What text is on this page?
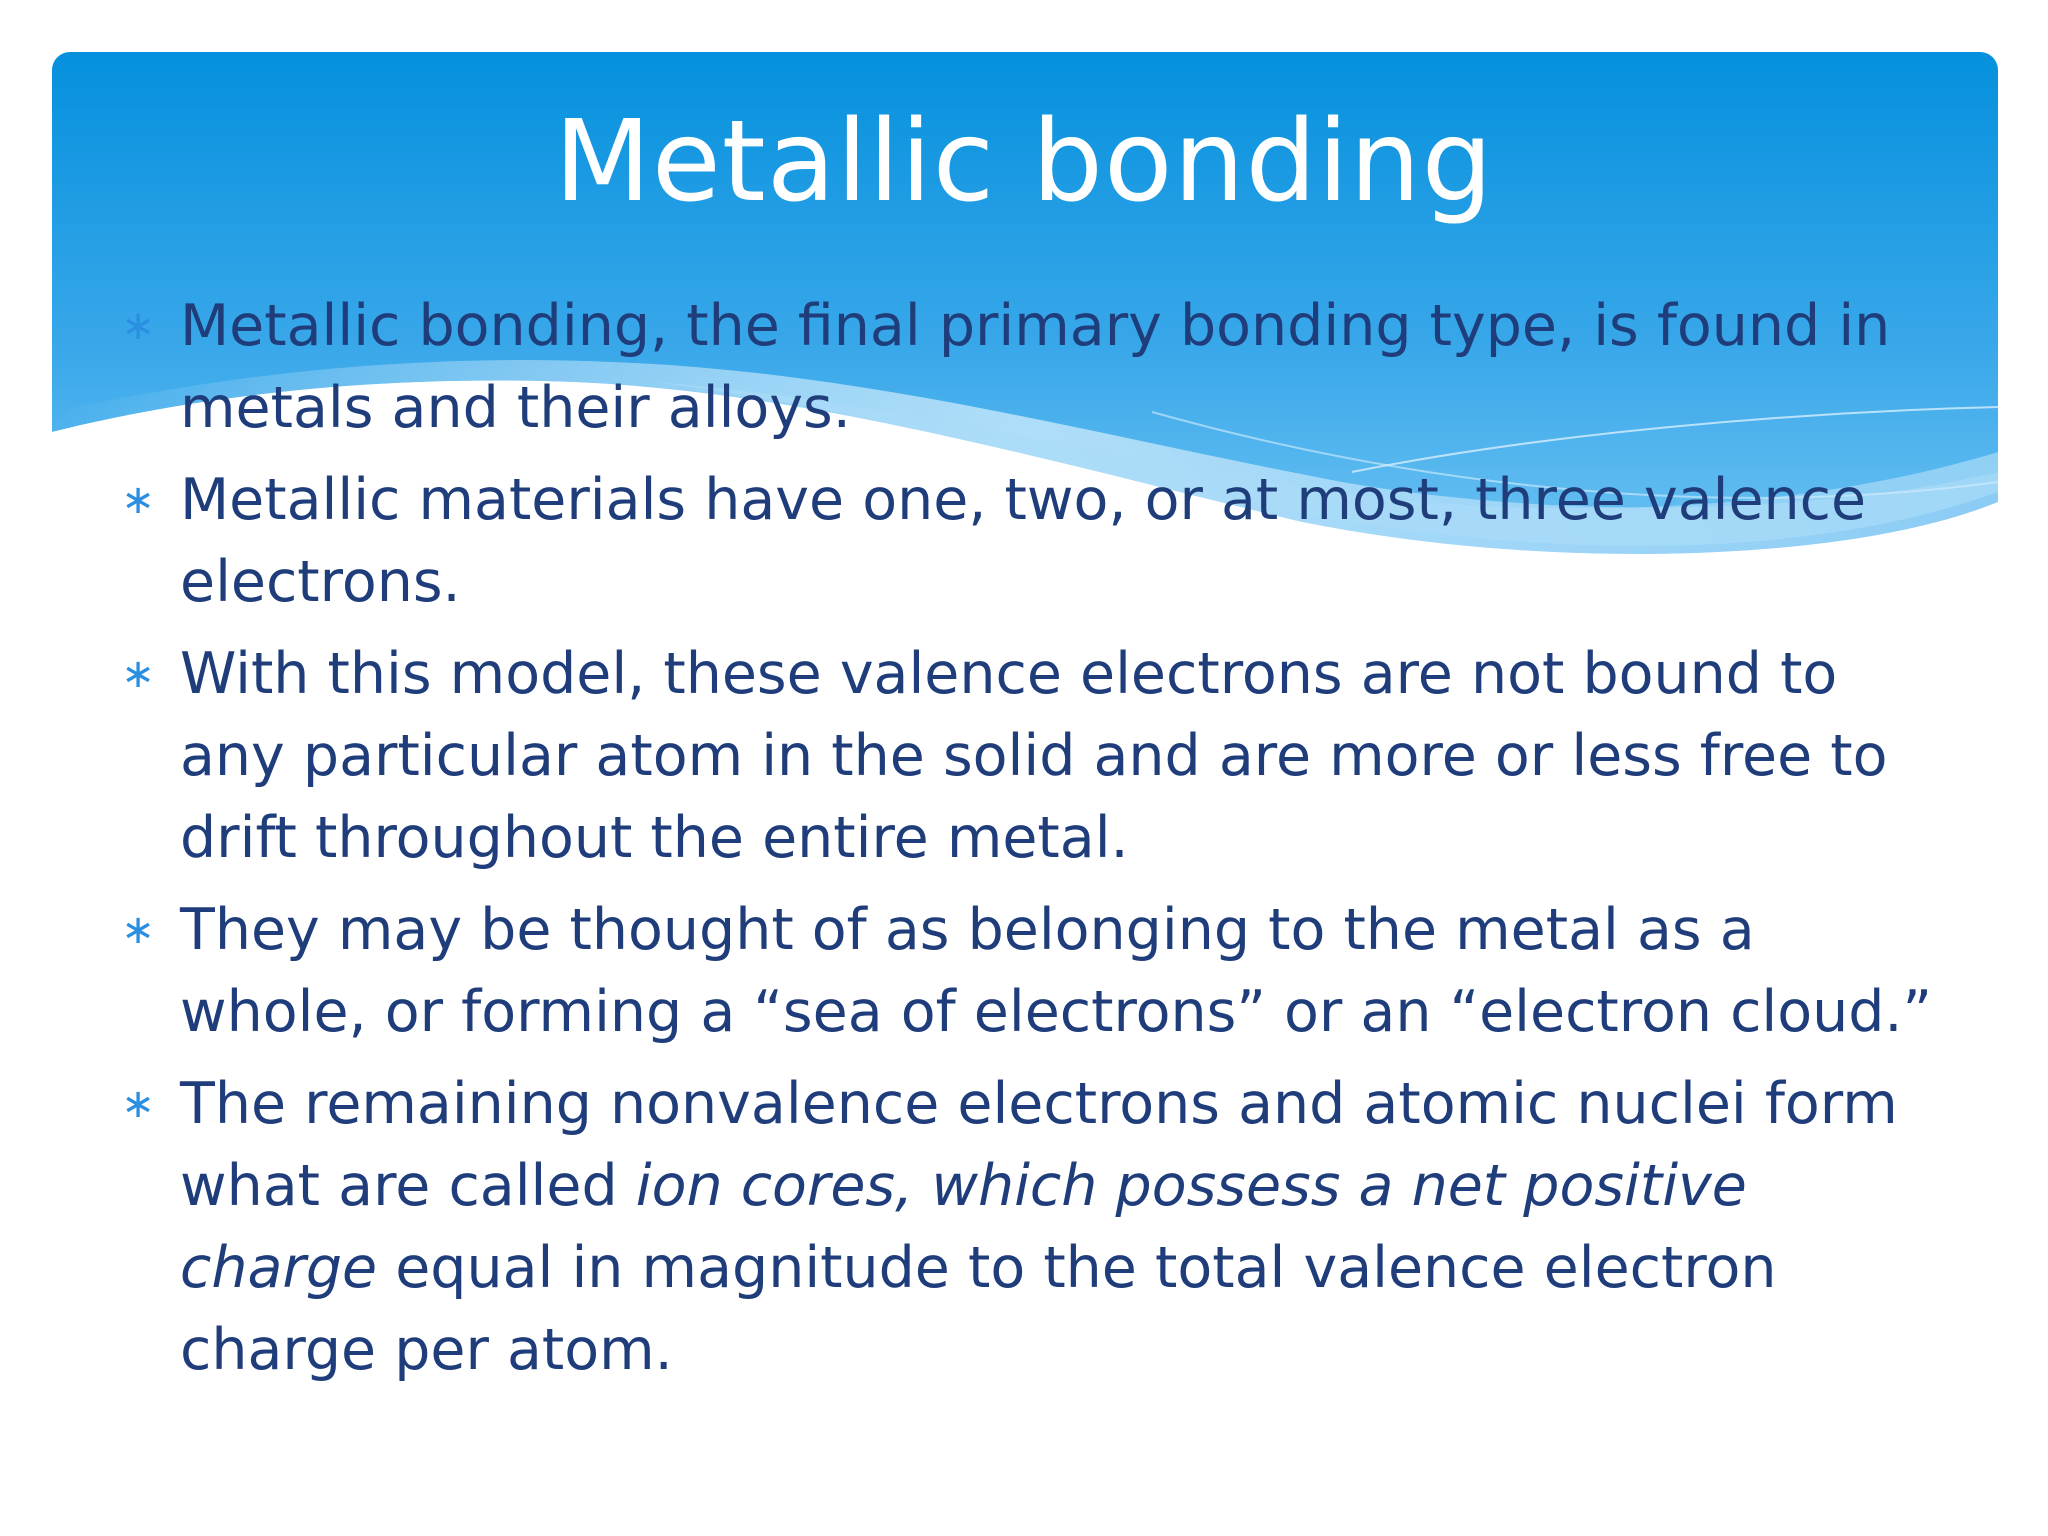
Metallic bonding
∗ Metallic bonding, the final primary bonding type, is found in metals and their alloys.
∗ Metallic materials have one, two, or at most, three valence electrons.
∗ With this model, these valence electrons are not bound to any particular atom in the solid and are more or less free to drift throughout the entire metal.
∗ They may be thought of as belonging to the metal as a whole, or forming a “sea of electrons” or an “electron cloud.”
∗ The remaining nonvalence electrons and atomic nuclei form what are called ion cores, which possess a net positive charge equal in magnitude to the total valence electron charge per atom.
